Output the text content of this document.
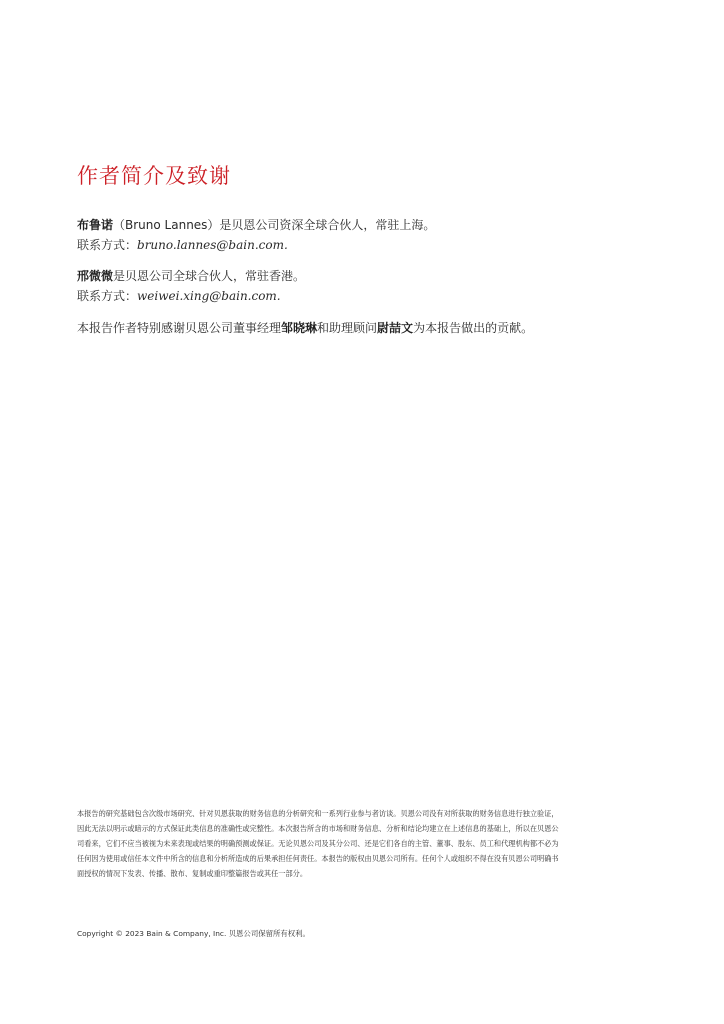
作者简介及致谢
布鲁诺（Bruno Lannes）是贝恩公司资深全球合伙人，常驻上海。
联系方式：bruno.lannes@bain.com.
邢微微是贝恩公司全球合伙人，常驻香港。
联系方式：weiwei.xing@bain.com.
本报告作者特别感谢贝恩公司董事经理邹晓琳和助理顾问尉喆文为本报告做出的贡献。
本报告的研究基础包含次级市场研究、针对贝恩获取的财务信息的分析研究和一系列行业参与者访谈。贝恩公司没有对所获取的财务信息进行独立验证，
因此无法以明示或暗示的方式保证此类信息的准确性或完整性。本次报告所含的市场和财务信息、分析和结论均建立在上述信息的基础上，所以在贝恩公
司看来，它们不应当被视为未来表现或结果的明确预测或保证。无论贝恩公司及其分公司、还是它们各自的主管、董事、股东、员工和代理机构都不必为
任何因为使用或信任本文件中所含的信息和分析所造成的后果承担任何责任。本报告的版权由贝恩公司所有。任何个人或组织不得在没有贝恩公司明确书
面授权的情况下发表、传播、散布、复制或重印整篇报告或其任一部分。
Copyright © 2023 Bain & Company, Inc. 贝恩公司保留所有权利。
